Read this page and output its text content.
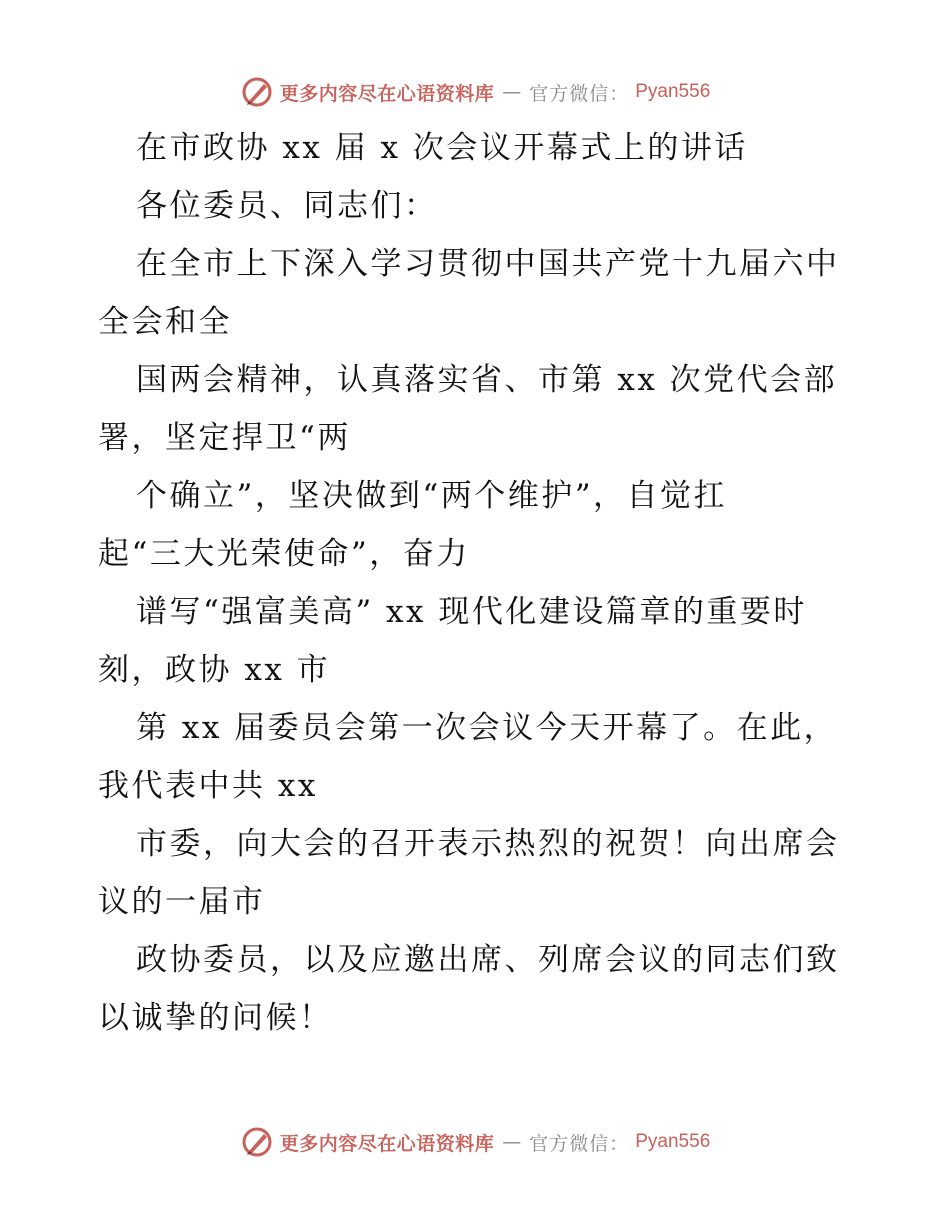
更多内容尽在心语资料库 — 官方微信： Pyan556
在市政协 xx 届 x 次会议开幕式上的讲话
各位委员、同志们：
在全市上下深入学习贯彻中国共产党十九届六中
全会和全
国两会精神，认真落实省、市第 xx 次党代会部
署，坚定捍卫“两
个确立”，坚决做到“两个维护”，自觉扛
起“三大光荣使命”，奋力
谱写“强富美高” xx 现代化建设篇章的重要时
刻，政协 xx 市
第 xx 届委员会第一次会议今天开幕了。在此，
我代表中共 xx
市委，向大会的召开表示热烈的祝贺！向出席会
议的一届市
政协委员，以及应邀出席、列席会议的同志们致
以诚挚的问候！
更多内容尽在心语资料库 — 官方微信： Pyan556
